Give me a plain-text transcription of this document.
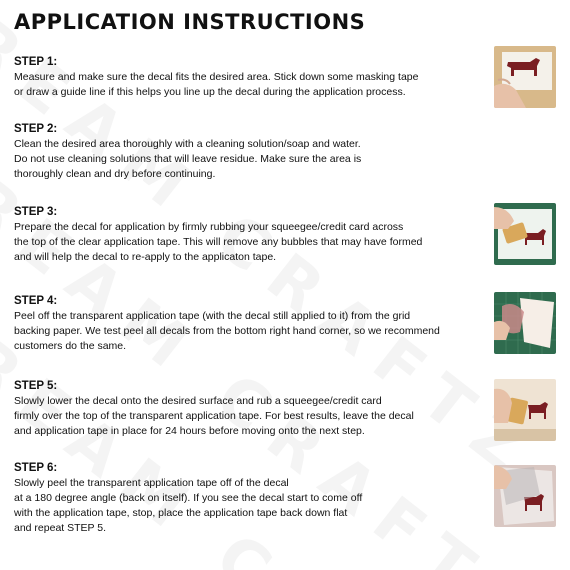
APPLICATION INSTRUCTIONS

STEP 1:

Measure and make sure the decal fits the desired area. Stick down some masking tape
or draw a guide line if this helps you line up the decal during the application process.

STEP 2:

Clean the desired area thoroughly with a cleaning solution/soap and water.
Do not use cleaning solutions that will leave residue. Make sure the area is
thoroughly clean and dry before continuing.

STEP 3:

Prepare the decal for application by firmly rubbing your squeegee/credit card across
the top of the clear application tape. This will remove any bubbles that may have formed
and will help the decal to re-apply to the applicaton tape.

STEP 4:

Peel off the transparent application tape (with the decal still applied to it) from the grid
backing paper. We test peel all decals from the bottom right hand corner, so we recommend
customers do the same.

STEP 5:

Slowly lower the decal onto the desired surface and rub a squeegee/credit card
firmly over the top of the transparent application tape. For best results, leave the decal
and application tape in place for 24 hours before moving onto the next step.

STEP 6:

Slowly peel the transparent application tape off of the decal
at a 180 degree angle (back on itself). If you see the decal start to come off
with the application tape, stop, place the application tape back down flat
and repeat STEP 5.
